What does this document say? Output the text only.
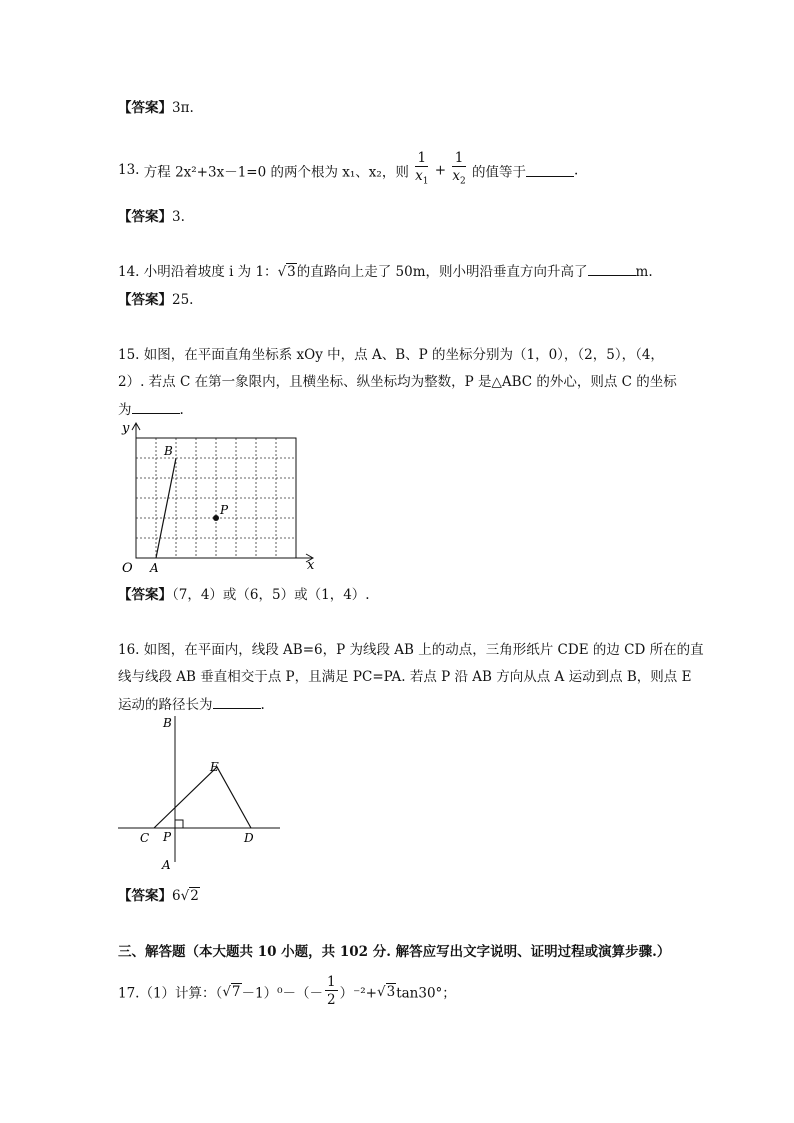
【答案】3π.
13. 方程 2x²+3x－1=0 的两个根为 x₁、x₂，则 $\frac{1}{x_1} + \frac{1}{x_2}$ 的值等于	.
【答案】3.
14. 小明沿着坡度 i 为 1：√3的直路向上走了 50m，则小明沿垂直方向升高了	m.
【答案】25.
15. 如图，在平面直角坐标系 xOy 中，点 A、B、P 的坐标分别为（1，0），（2，5），（4，
2）. 若点 C 在第一象限内，且横坐标、纵坐标均为整数，P 是△ABC 的外心，则点 C 的坐标
为	.
y
x
O A
B
P
【答案】（7，4）或（6，5）或（1，4）.
16. 如图，在平面内，线段 AB=6，P 为线段 AB 上的动点，三角形纸片 CDE 的边 CD 所在的直
线与线段 AB 垂直相交于点 P，且满足 PC=PA. 若点 P 沿 AB 方向从点 A 运动到点 B，则点 E
运动的路径长为	.
B
E
C P	D
A
【答案】6√2
三、解答题（本大题共 10 小题，共 102 分. 解答应写出文字说明、证明过程或演算步骤.）
17.（1）计算：$(√7-1)^0-(- \frac{1}{2} )^{-2}+√3\tan 30^\circ$；
